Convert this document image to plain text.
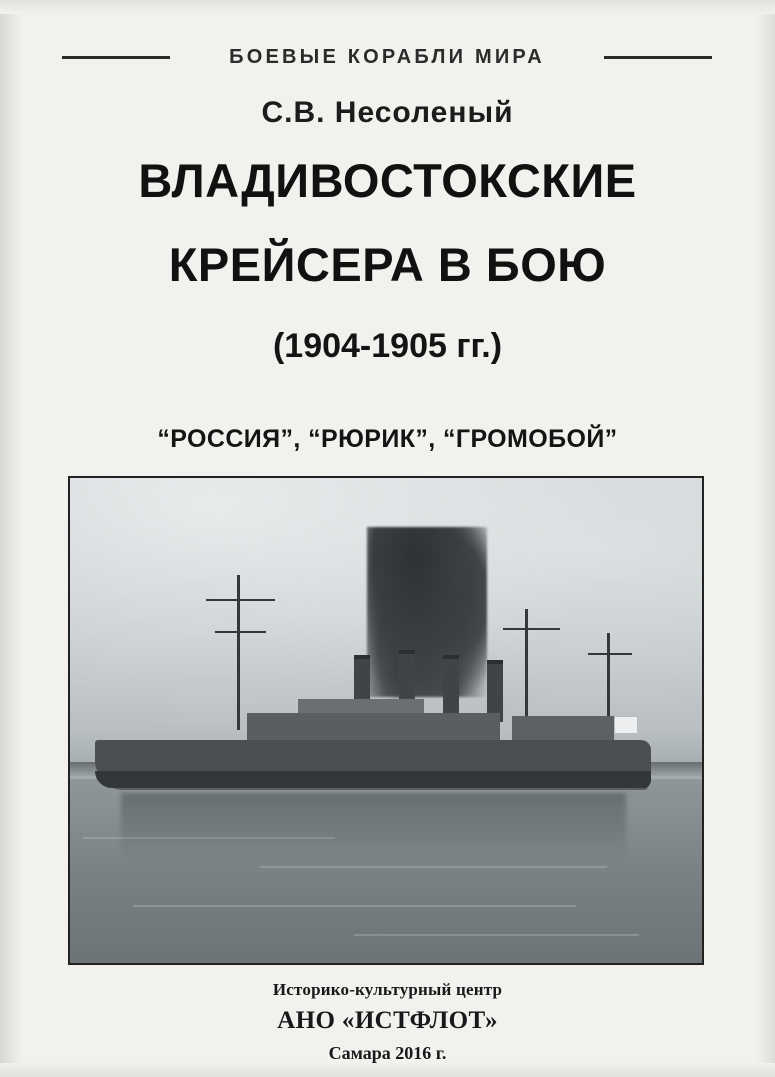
БОЕВЫЕ КОРАБЛИ МИРА
С.В. Несоленый
ВЛАДИВОСТОКСКИЕ
КРЕЙСЕРА В БОЮ
(1904-1905 гг.)
“РОССИЯ”, “РЮРИК”, “ГРОМОБОЙ”
Историко-культурный центр
АНО «ИСТФЛОТ»
Самара 2016 г.
